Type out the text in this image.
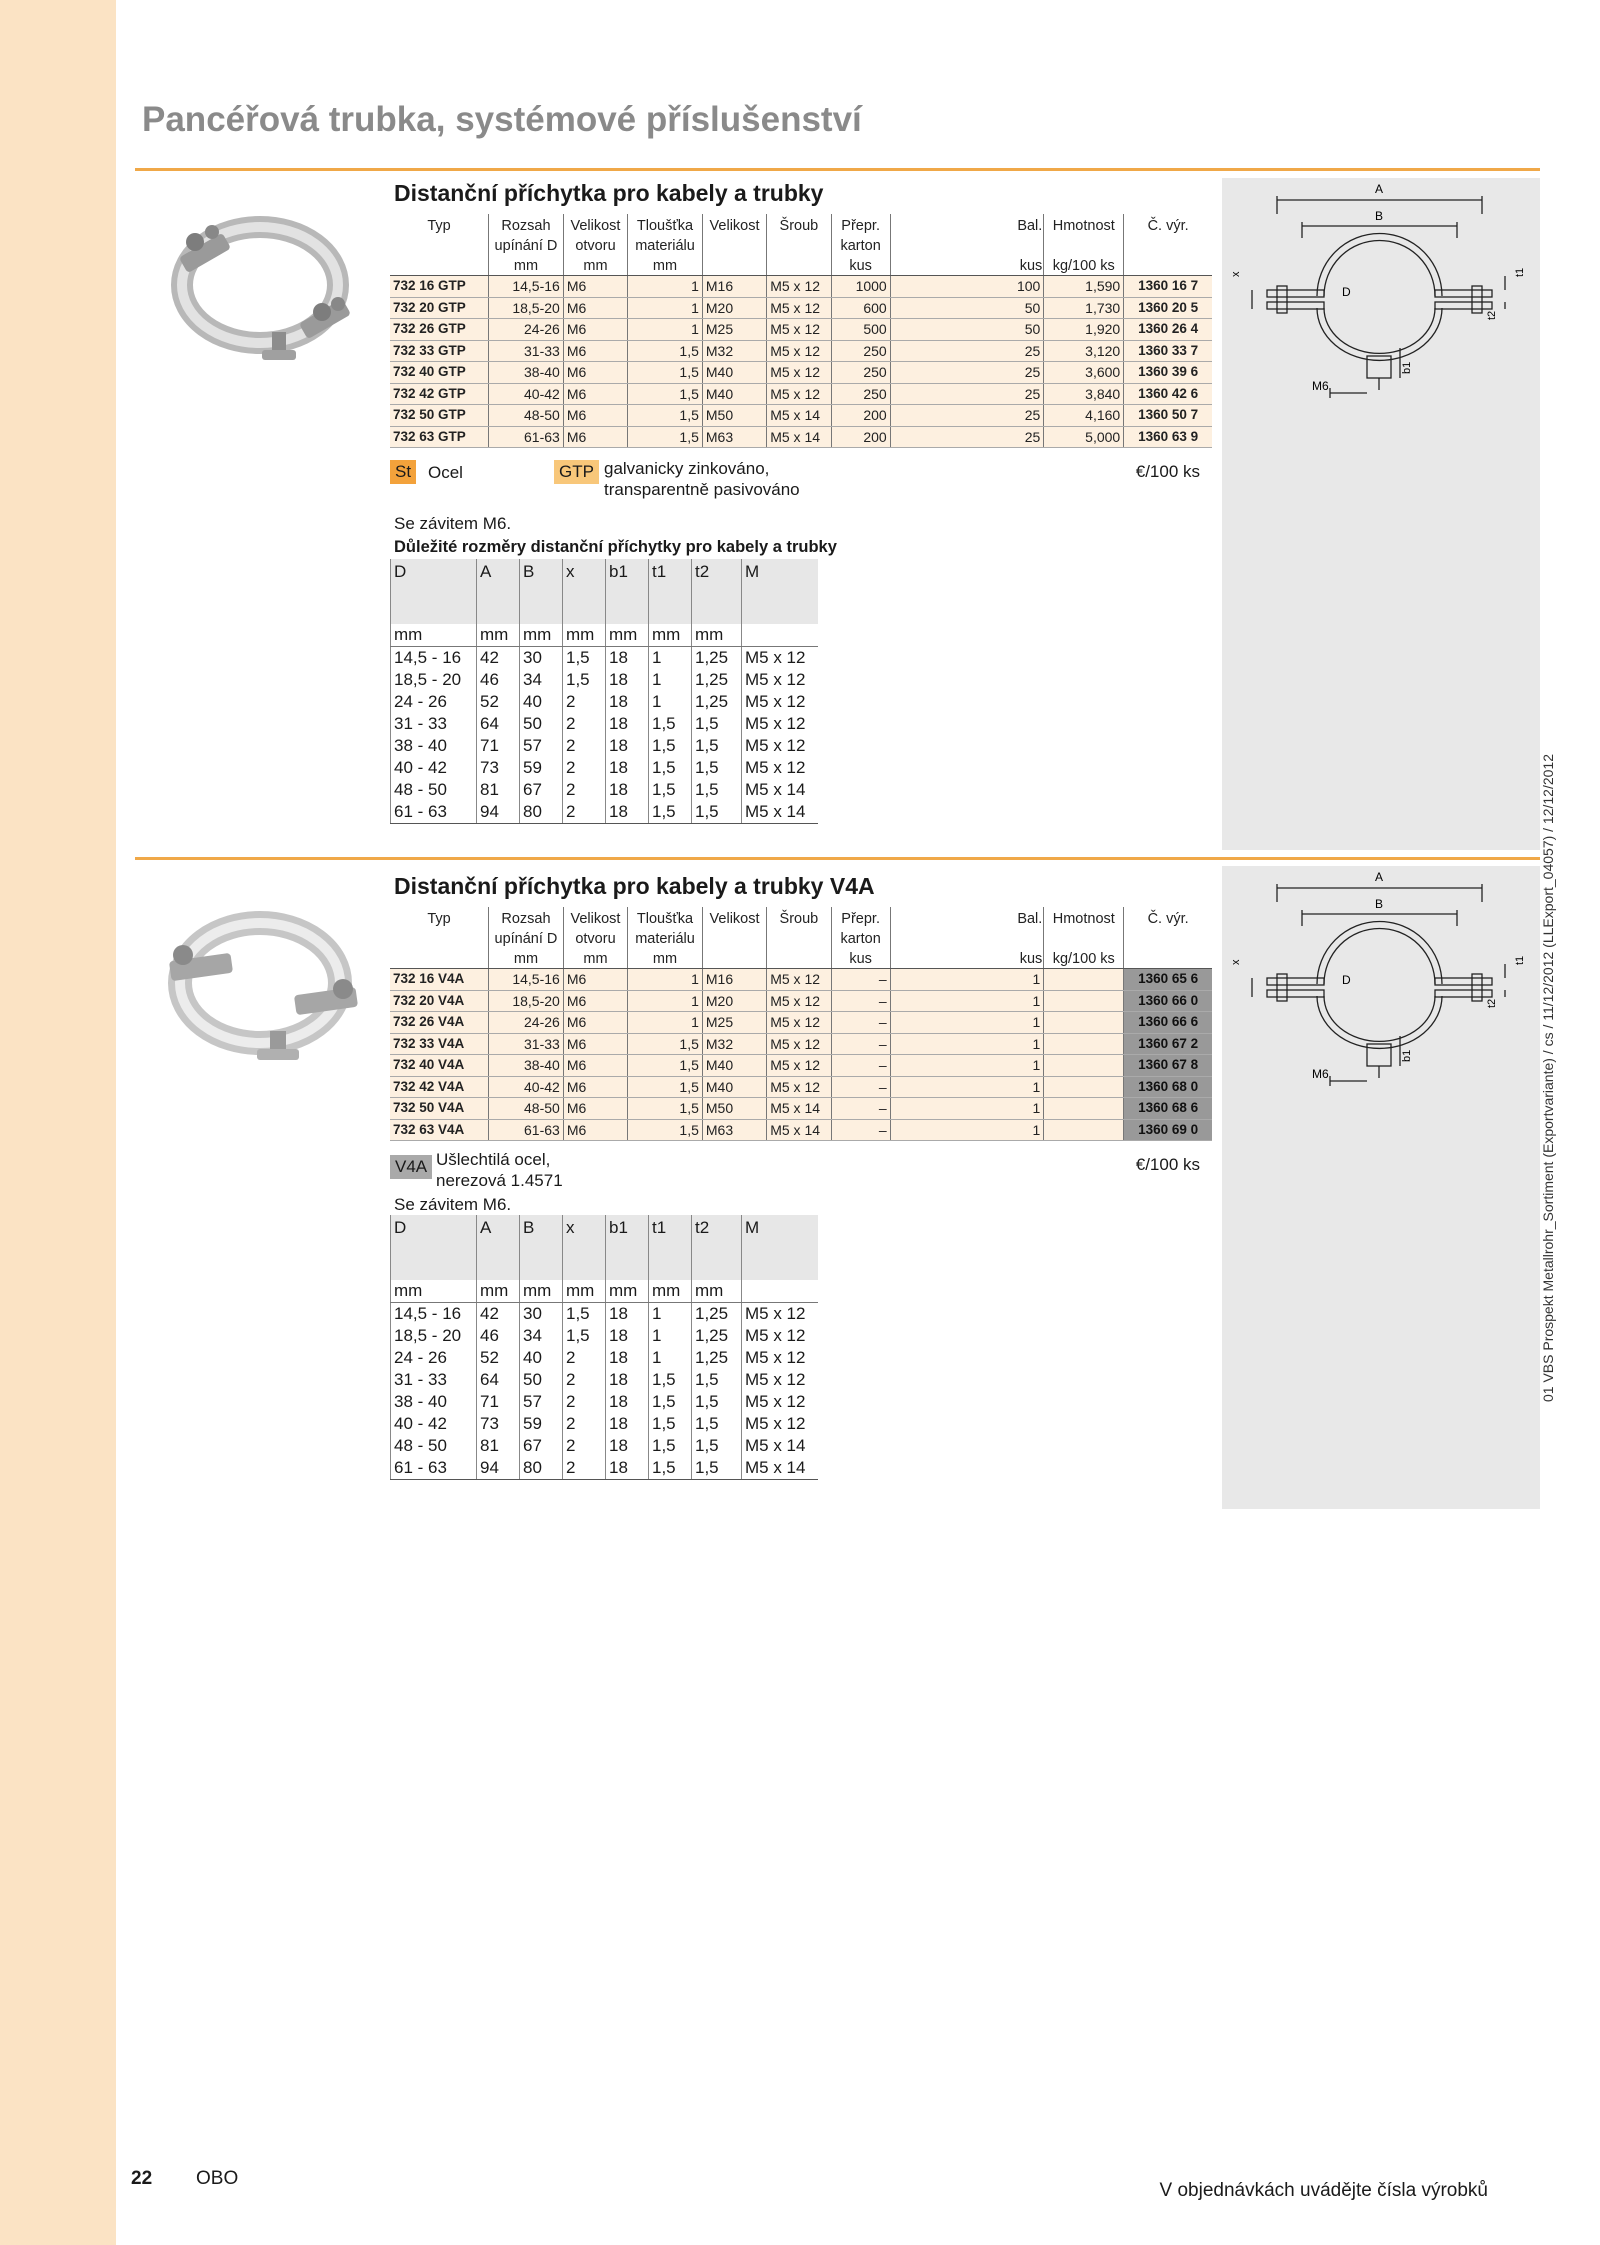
Pancéřová trubka, systémové příslušenství
Distanční příchytka pro kabely a trubky
Typ	Rozsah upínání D	Velikost otvoru	Tloušťka materiálu	Velikost	Šroub	Přepr. karton	Bal.	Hmotnost	Č. výr.
	mm	mm	mm			kus	kus	kg/100 ks	
732 16 GTP	14,5-16	M6	1	M16	M5 x 12	1000	100	1,590	1360 16 7
732 20 GTP	18,5-20	M6	1	M20	M5 x 12	600	50	1,730	1360 20 5
732 26 GTP	24-26	M6	1	M25	M5 x 12	500	50	1,920	1360 26 4
732 33 GTP	31-33	M6	1,5	M32	M5 x 12	250	25	3,120	1360 33 7
732 40 GTP	38-40	M6	1,5	M40	M5 x 12	250	25	3,600	1360 39 6
732 42 GTP	40-42	M6	1,5	M40	M5 x 12	250	25	3,840	1360 42 6
732 50 GTP	48-50	M6	1,5	M50	M5 x 14	200	25	4,160	1360 50 7
732 63 GTP	61-63	M6	1,5	M63	M5 x 14	200	25	5,000	1360 63 9
St Ocel	GTP galvanicky zinkováno,
transparentně pasivováno
€/100 ks
Se závitem M6.
Důležité rozměry distanční příchytky pro kabely a trubky
D	A	B	x	b1	t1	t2	M
mm	mm	mm	mm	mm	mm	mm	
14,5 - 16	42	30	1,5	18	1	1,25	M5 x 12
18,5 - 20	46	34	1,5	18	1	1,25	M5 x 12
24 - 26	52	40	2	18	1	1,25	M5 x 12
31 - 33	64	50	2	18	1,5	1,5	M5 x 12
38 - 40	71	57	2	18	1,5	1,5	M5 x 12
40 - 42	73	59	2	18	1,5	1,5	M5 x 12
48 - 50	81	67	2	18	1,5	1,5	M5 x 14
61 - 63	94	80	2	18	1,5	1,5	M5 x 14
A
B
D
x	t1
t2
b1
M6
Distanční příchytka pro kabely a trubky V4A
Typ	Rozsah upínání D	Velikost otvoru	Tloušťka materiálu	Velikost	Šroub	Přepr. karton	Bal.	Hmotnost	Č. výr.
	mm	mm	mm			kus	kus	kg/100 ks	
732 16 V4A	14,5-16	M6	1	M16	M5 x 12	–	1		1360 65 6
732 20 V4A	18,5-20	M6	1	M20	M5 x 12	–	1		1360 66 0
732 26 V4A	24-26	M6	1	M25	M5 x 12	–	1		1360 66 6
732 33 V4A	31-33	M6	1,5	M32	M5 x 12	–	1		1360 67 2
732 40 V4A	38-40	M6	1,5	M40	M5 x 12	–	1		1360 67 8
732 42 V4A	40-42	M6	1,5	M40	M5 x 12	–	1		1360 68 0
732 50 V4A	48-50	M6	1,5	M50	M5 x 14	–	1		1360 68 6
732 63 V4A	61-63	M6	1,5	M63	M5 x 14	–	1		1360 69 0
V4A Ušlechtilá ocel,
nerezová 1.4571
€/100 ks
Se závitem M6.
D	A	B	x	b1	t1	t2	M
mm	mm	mm	mm	mm	mm	mm	
14,5 - 16	42	30	1,5	18	1	1,25	M5 x 12
18,5 - 20	46	34	1,5	18	1	1,25	M5 x 12
24 - 26	52	40	2	18	1	1,25	M5 x 12
31 - 33	64	50	2	18	1,5	1,5	M5 x 12
38 - 40	71	57	2	18	1,5	1,5	M5 x 12
40 - 42	73	59	2	18	1,5	1,5	M5 x 12
48 - 50	81	67	2	18	1,5	1,5	M5 x 14
61 - 63	94	80	2	18	1,5	1,5	M5 x 14
A
B
D
x	t1
t2
b1
M6	01 VBS Prospekt Metallrohr_Sortiment (Exportvariante) / cs / 11/12/2012 (LLExport_04057) / 12/12/2012
22 OBO
V objednávkách uvádějte čísla výrobků
